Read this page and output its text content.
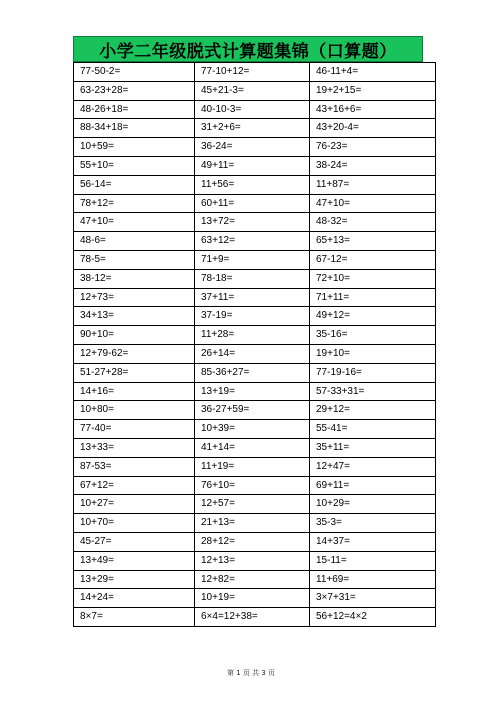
小学二年级脱式计算题集锦（口算题）
77-50-2=	77-10+12=	46-11+4=
63-23+28=	45+21-3=	19+2+15=
48-26+18=	40-10-3=	43+16+6=
88-34+18=	31+2+6=	43+20-4=
10+59=	36-24=	76-23=
55+10=	49+11=	38-24=
56-14=	11+56=	11+87=
78+12=	60+11=	47+10=
47+10=	13+72=	48-32=
48-6=	63+12=	65+13=
78-5=	71+9=	67-12=
38-12=	78-18=	72+10=
12+73=	37+11=	71+11=
34+13=	37-19=	49+12=
90+10=	11+28=	35-16=
12+79-62=	26+14=	19+10=
51-27+28=	85-36+27=	77-19-16=
14+16=	13+19=	57-33+31=
10+80=	36-27+59=	29+12=
77-40=	10+39=	55-41=
13+33=	41+14=	35+11=
87-53=	11+19=	12+47=
67+12=	76+10=	69+11=
10+27=	12+57=	10+29=
10+70=	21+13=	35-3=
45-27=	28+12=	14+37=
13+49=	12+13=	15-11=
13+29=	12+82=	11+69=
14+24=	10+19=	3×7+31=
8×7=	6×4=12+38=	56+12=4×2
第 1 页 共 3 页
